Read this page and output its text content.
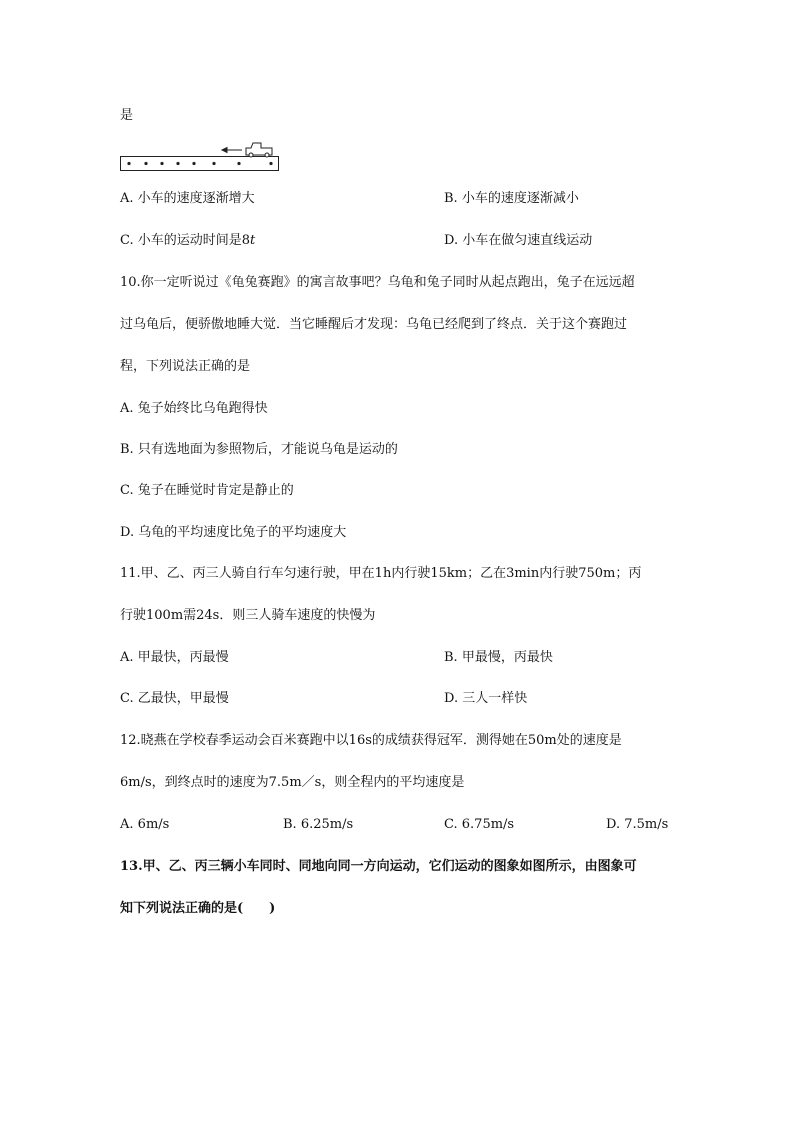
是
A. 小车的速度逐渐增大	B. 小车的速度逐渐减小
C. 小车的运动时间是8t	D. 小车在做匀速直线运动
10.你一定听说过《龟兔赛跑》的寓言故事吧？乌龟和兔子同时从起点跑出，兔子在远远超
过乌龟后，便骄傲地睡大觉．当它睡醒后才发现：乌龟已经爬到了终点．关于这个赛跑过
程，下列说法正确的是
A. 兔子始终比乌龟跑得快
B. 只有选地面为参照物后，才能说乌龟是运动的
C. 兔子在睡觉时肯定是静止的
D. 乌龟的平均速度比兔子的平均速度大
11.甲、乙、丙三人骑自行车匀速行驶，甲在1h内行驶15km；乙在3min内行驶750m；丙
行驶100m需24s．则三人骑车速度的快慢为
A. 甲最快，丙最慢	B. 甲最慢，丙最快
C. 乙最快，甲最慢	D. 三人一样快
12.晓燕在学校春季运动会百米赛跑中以16s的成绩获得冠军．测得她在50m处的速度是
6m/s，到终点时的速度为7.5m／s，则全程内的平均速度是
A. 6m/s	B. 6.25m/s	C. 6.75m/s	D. 7.5m/s
13.甲、乙、丙三辆小车同时、同地向同一方向运动，它们运动的图象如图所示，由图象可
知下列说法正确的是(　　)
